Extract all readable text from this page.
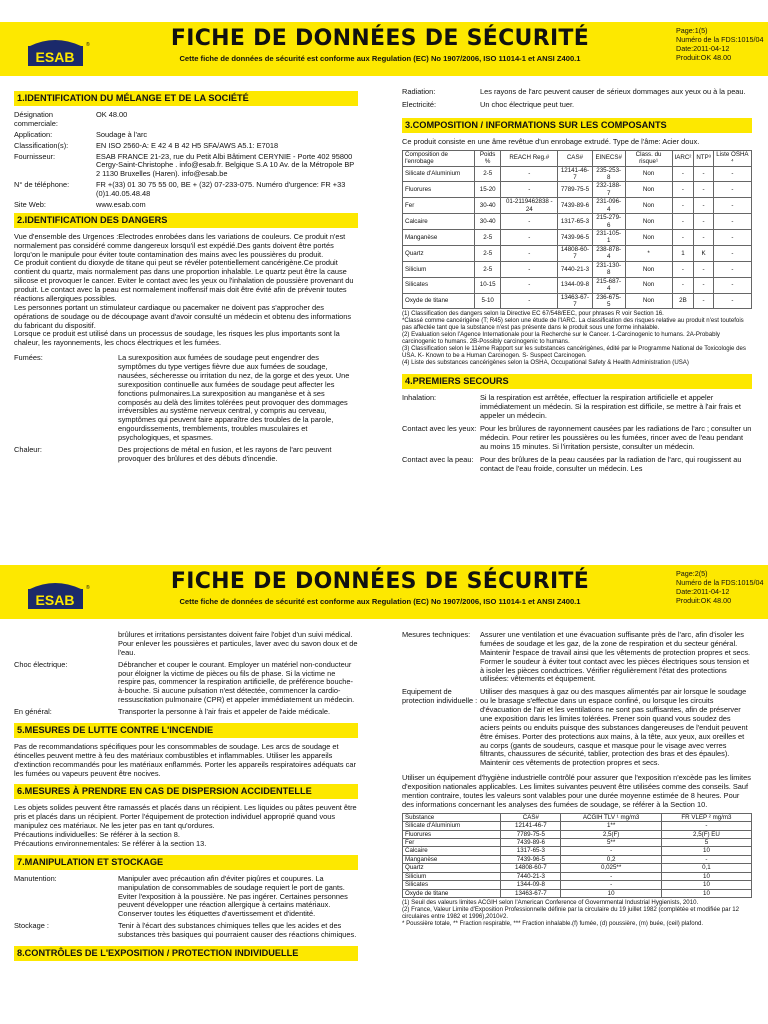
ESAB
®	FICHE DE DONNÉES DE SÉCURITÉ
Cette fiche de données de sécurité est conforme aux Regulation (EC) No 1907/2006, ISO 11014-1 et ANSI Z400.1
Page:1(5)
Numéro de la FDS:1015/04
Date:2011-04-12
Produit:OK 48.00
1.IDENTIFICATION DU MÉLANGE ET DE LA SOCIÉTÉ
Désignation commerciale:
OK 48.00
Application:	Soudage à l'arc
Classification(s):	EN ISO 2560-A: E 42 4 B 42 H5 SFA/AWS A5.1: E7018
Fournisseur:	ESAB FRANCE 21-23, rue du Petit Albi Bâtiment CERYNIE - Porte 402 95800 Cergy-Saint-Christophe . info@esab.fr. Belgique S.A 10 Av. de la Métropole BP 2 1130 Bruxelles (Haren). info@esab.be
N° de téléphone:	FR +(33) 01 30 75 55 00, BE + (32) 07-233-075. Numéro d'urgence: FR +33 (0)1.40.05.48.48
Site Web:	www.esab.com
2.IDENTIFICATION DES DANGERS

Vue d'ensemble des Urgences :Electrodes enrobées dans les variations de couleurs. Ce produit n'est normalement pas considéré comme dangereux lorsqu'il est expédié.Des gants doivent être portés lorqu'on le manipule pour éviter toute contamination des mains avec les poussières du produit.

Ce produit contient du dioxyde de titane qui peut se révéler potentiellement cancérigène.Ce produit contient du quartz, mais normalement pas dans une proportion inhalable. Le quartz peut être la cause silicose et provoquer le cancer. Eviter le contact avec les yeux ou l'inhalation de poussière provenant du produit. Le contact avec la peau est normalement inoffensif mais doit être évité afin de prévenir toutes réactions allergiques possibles.

Les personnes portant un stimulateur cardiaque ou pacemaker ne doivent pas s'approcher des opérations de soudage ou de découpage avant d'avoir consulté un médecin et obtenu des informations du fabricant du dispositif.

Lorsque ce produit est utilisé dans un processus de soudage, les risques les plus importants sont la chaleur, les rayonnements, les chocs électriques et les fumées.

Fumées:	La surexposition aux fumées de soudage peut engendrer des symptômes du type vertiges fièvre due aux fumées de soudage, nausées, sécheresse ou irritation du nez, de la gorge et des yeux. Une surexposition continuelle aux fumées de soudage peut affecter les fonctions pulmonaires.La surexposition au manganèse et à ses composés au delà des limites tolérées peut provoquer des dommages irréversibles au système nerveux central, y compris au cerveau, symptômes qui peuvent faire apparaître des troubles de la parole, engourdissements, tremblements, troubles musculaires et psychologiques, et spasmes.
Chaleur:	Des projections de métal en fusion, et les rayons de l'arc peuvent provoquer des brûlures et des débuts d'incendie.
Radiation:	Les rayons de l'arc peuvent causer de sérieux dommages aux yeux ou à la peau.
Electricité:	Un choc électrique peut tuer.
3.COMPOSITION / INFORMATIONS SUR LES COMPOSANTS

Ce produit consiste en une âme revêtue d'un enrobage extrudé. Type de l'âme: Acier doux.

Composition de l'enrobage	Poids %	REACH Reg.#	CAS#	EINECS#	Class. du risque¹	IARC²	NTP³	Liste OSHA ⁴
Silicate d'Aluminium	2-5	-	12141-46-7	235-253-8	Non	-	-	-
Fluorures	15-20	-	7789-75-5	232-188-7	Non	-	-	-
Fer	30-40	01-2119462838 - 24	7439-89-6	231-096-4	Non	-	-	-
Calcaire	30-40	-	1317-65-3	215-279-6	Non	-	-	-
Manganèse	2-5	-	7439-96-5	231-105-1	Non	-	-	-
Quartz	2-5	-	14808-60-7	238-878-4	*	1	K	-
Silicium	2-5	-	7440-21-3	231-130-8	Non	-	-	-
Silicates	10-15	-	1344-09-8	215-687-4	Non	-	-	-
Oxyde de titane	5-10	-	13463-67-7	236-675-5	Non	2B	-	-
(1) Classification des dangers selon la Directive EC 67/548/EEC, pour phrases R voir Section 16.
*Classé comme cancérigène (T; R45) selon une étude de l'IARC. La classification des risques relative au produit n'est toutefois pas affectée tant que la substance n'est pas présente dans le produit sous une forme inhalable.
(2) Evaluation selon l'Agence Internationale pour la Recherche sur le Cancer. 1-Carcinogenic to humans. 2A-Probably carcinogenic to humans. 2B-Possibly carcinogenic to humans.
(3) Classification selon le 11ème Rapport sur les substances cancérigènes, édité par le Programme National de Toxicologie des USA. K- Known to be a Human Carcinogen. S- Suspect Carcinogen.
(4) Liste des substances cancérigènes selon la OSHA, Occupational Safety & Health Administration (USA)
4.PREMIERS SECOURS
Inhalation:	Si la respiration est arrêtée, effectuer la respiration artificielle et appeler immédiatement un médecin. Si la respiration est difficile, se mettre à l'air frais et appeler un médecin.
Contact avec les yeux: Pour les brûlures de rayonnement causées par les radiations de l'arc ; consulter un médecin. Pour retirer les poussières ou les fumées, rincer avec de l'eau pendant au moins 15 minutes. Si l'irritation persiste, consulter un médecin.
Contact avec la peau: Pour des brûlures de la peau causées par la radiation de l'arc, qui rougissent au contact de l'eau froide, consulter un médecin. Les
ESAB
®	FICHE DE DONNÉES DE SÉCURITÉ
Cette fiche de données de sécurité est conforme aux Regulation (EC) No 1907/2006, ISO 11014-1 et ANSI Z400.1
Page:2(5)
Numéro de la FDS:1015/04
Date:2011-04-12
Produit:OK 48.00
brûlures et irritations persistantes doivent faire l'objet d'un suivi médical. Pour enlever les poussières et particules, laver avec du savon doux et de l'eau.
Choc électrique:	Débrancher et couper le courant. Employer un matériel non-conducteur pour éloigner la victime de pièces ou fils de phase. Si la victime ne respire pas, commencer la respiration artificielle, de préférence bouche-à-bouche. Si aucune pulsation n'est détectée, commencer la cardio-ressuscitation pulmonaire (CPR) et appeler immédiatement un médecin.
En général:	Transporter la personne à l'air frais et appeler de l'aide médicale.
5.MESURES DE LUTTE CONTRE L'INCENDIE

Pas de recommandations spécifiques pour les consommables de soudage. Les arcs de soudage et étincelles peuvent mettre à feu des matériaux combustibles et inflammables. Utiliser les appareils d'extinction recommandés pour les matériaux enflammés. Porter les appareils respiratoires adéquats car les fumées ou vapeurs peuvent être nocives.

6.MESURES À PRENDRE EN CAS DE DISPERSION ACCIDENTELLE

Les objets solides peuvent être ramassés et placés dans un récipient. Les liquides ou pâtes peuvent être pris et placés dans un récipient. Porter l'équipement de protection individuel approprié quand vous manipulez ces matériaux. Ne les jeter pas en tant qu'ordures.

Précautions individuelles: Se référer à la section 8.
Précautions environnementales: Se référer à la section 13.
7.MANIPULATION ET STOCKAGE
Manutention:	Manipuler avec précaution afin d'éviter piqûres et coupures. La manipulation de consommables de soudage requiert le port de gants. Eviter l'exposition à la poussière. Ne pas ingérer. Certaines personnes peuvent développer une réaction allergique à certains matériaux. Conserver toutes les étiquettes d'avertissement et d'identité.
Stockage :	Tenir à l'écart des substances chimiques telles que les acides et des substances très basiques qui pourraient causer des réactions chimiques.
8.CONTRÔLES DE L'EXPOSITION / PROTECTION INDIVIDUELLE
Mesures techniques:	Assurer une ventilation et une évacuation suffisante près de l'arc, afin d'isoler les fumées de soudage et les gaz, de la zone de respiration et du secteur général. Maintenir l'espace de travail ainsi que les vêtements de protection propres et secs. Former le soudeur à éviter tout contact avec les pièces électriques sous tension et à isoler les pièces conductrices. Vérifier régulièrement l'état des protections utilisées: vêtements et équipement.
Equipement de protection individuelle :
Utiliser des masques à gaz ou des masques alimentés par air lorsque le soudage ou le brasage s'effectue dans un espace confiné, ou lorsque les circuits d'évacuation de l'air et les ventilations ne sont pas suffisantes, afin de préserver une exposition dans les limites tolérées. Prener soin quand vous soudez des aciers peints ou enduits puisque des substances dangereuses de l'enduit peuvent être émises. Porter des protections aux mains, à la tête, aux yeux, aux oreilles et au corps (gants de soudeurs, casque et masque pour le visage avec verres filtrants, chaussures de sécurité, tablier, protection des bras et des épaules). Maintenir ces vêtements de protection propres et secs.

Utiliser un équipement d'hygiène industrielle contrôlé pour assurer que l'exposition n'excède pas les limites d'exposition nationales applicables. Les limites suivantes peuvent être utilisées comme des conseils. Sauf mention contraire, toutes les valeurs sont valables pour une durée moyenne estimée de 8 heures. Pour des informations concernant les analyses des fumées de soudage, se référer à la Section 10.

Substance	CAS#	ACGIH TLV ¹ mg/m3	FR VLEP ² mg/m3
Silicate d'Aluminium	12141-46-7	1**	-
Fluorures	7789-75-5	2,5(F)	2,5(F) EU
Fer	7439-89-6	5**	5
Calcaire	1317-65-3	-	10
Manganèse	7439-96-5	0,2	-
Quartz	14808-60-7	0,025**	0,1
Silicium	7440-21-3	-	10
Silicates	1344-09-8	-	10
Oxyde de titane	13463-67-7	10	10
(1) Seuil des valeurs limites ACGIH selon l'American Conference of Governmental Industrial Hygienists, 2010.
(2) France, Valeur Limite d'Exposition Professionnelle définie par la circulaire du 19 juillet 1982 (complétée et modifiée par 12 circulaires entre 1982 et 1996),2010#2.
* Poussière totale, ** Fraction respirable, *** Fraction inhalable.(f) fumée, (d) poussière, (m) buée, (ceil) plafond.
